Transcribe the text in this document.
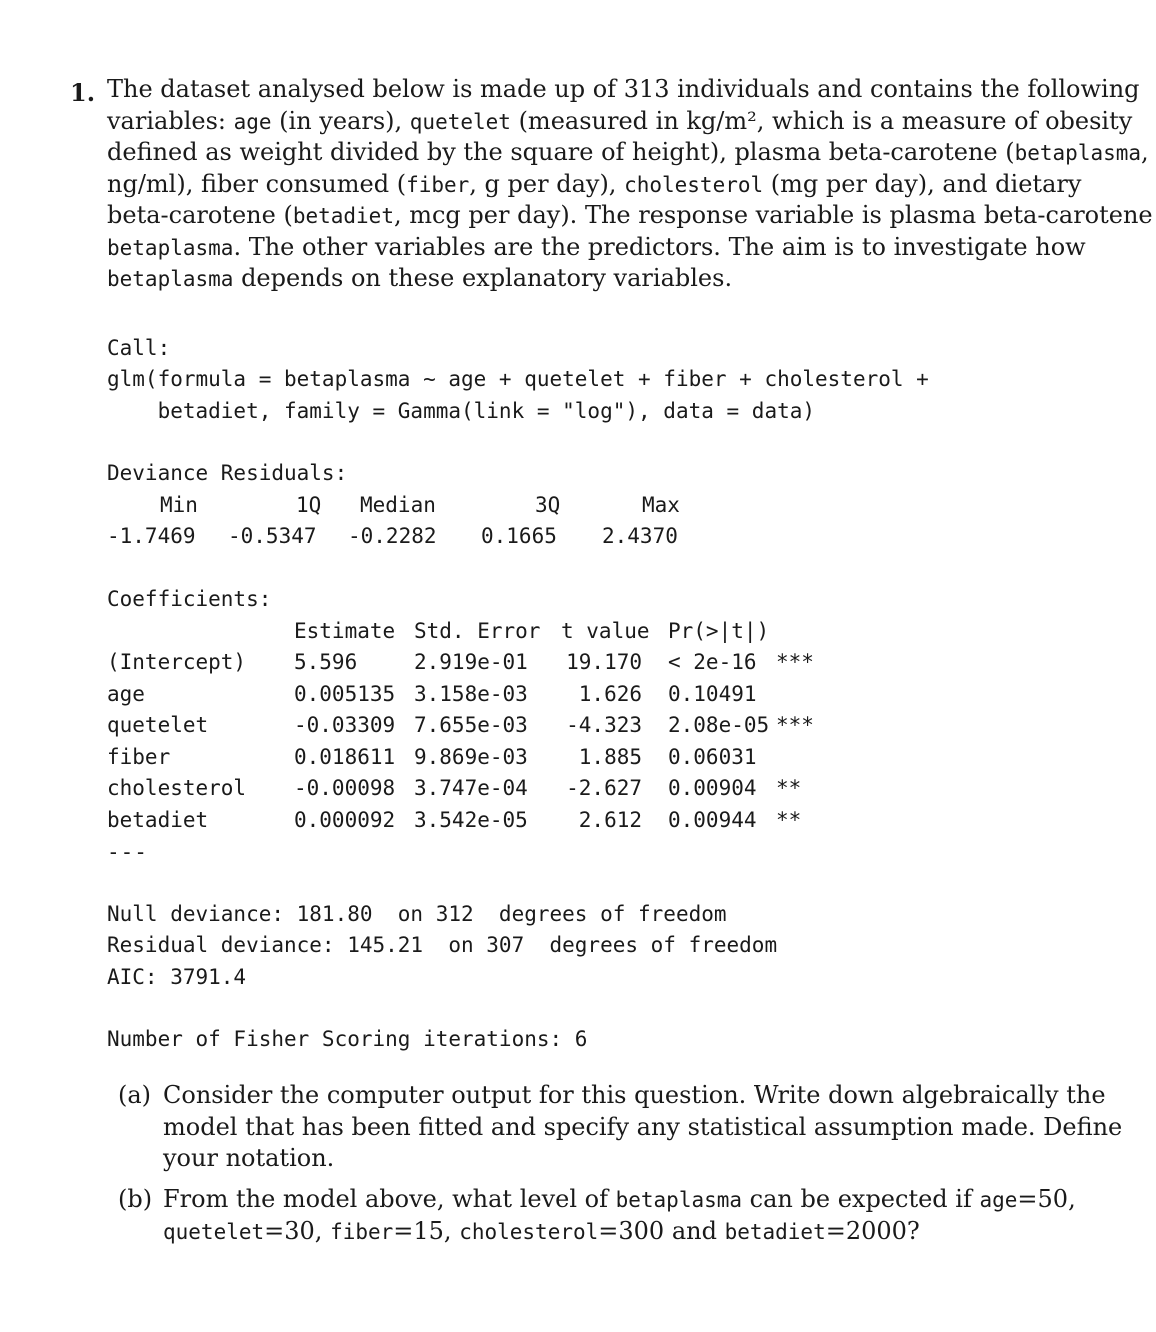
1. The dataset analysed below is made up of 313 individuals and contains the following
variables: age (in years), quetelet (measured in kg/m², which is a measure of obesity
defined as weight divided by the square of height), plasma beta-carotene (betaplasma,
ng/ml), fiber consumed (fiber, g per day), cholesterol (mg per day), and dietary
beta-carotene (betadiet, mcg per day). The response variable is plasma beta-carotene
betaplasma. The other variables are the predictors. The aim is to investigate how
betaplasma depends on these explanatory variables.
Call:
glm(formula = betaplasma ~ age + quetelet + fiber + cholesterol +
betadiet, family = Gamma(link = "log"), data = data)
Deviance Residuals:
Min	1Q Median	3Q	Max
-1.7469 -0.5347 -0.2282 0.1665 2.4370
Coefficients:
Estimate Std. Error t value Pr(>|t|)
(Intercept) 5.596	2.919e-01 19.170 < 2e-16 ***
age	0.005135 3.158e-03 1.626 0.10491
quetelet	-0.03309 7.655e-03 -4.323 2.08e-05 ***
fiber	0.018611 9.869e-03 1.885 0.06031
cholesterol -0.00098 3.747e-04 -2.627 0.00904 **
betadiet	0.000092 3.542e-05 2.612 0.00944 **
---
Null deviance: 181.80  on 312  degrees of freedom
Residual deviance: 145.21  on 307  degrees of freedom
AIC: 3791.4
Number of Fisher Scoring iterations: 6
(a) Consider the computer output for this question. Write down algebraically the
model that has been fitted and specify any statistical assumption made. Define
your notation.
(b) From the model above, what level of betaplasma can be expected if age=50,
quetelet=30, fiber=15, cholesterol=300 and betadiet=2000?
